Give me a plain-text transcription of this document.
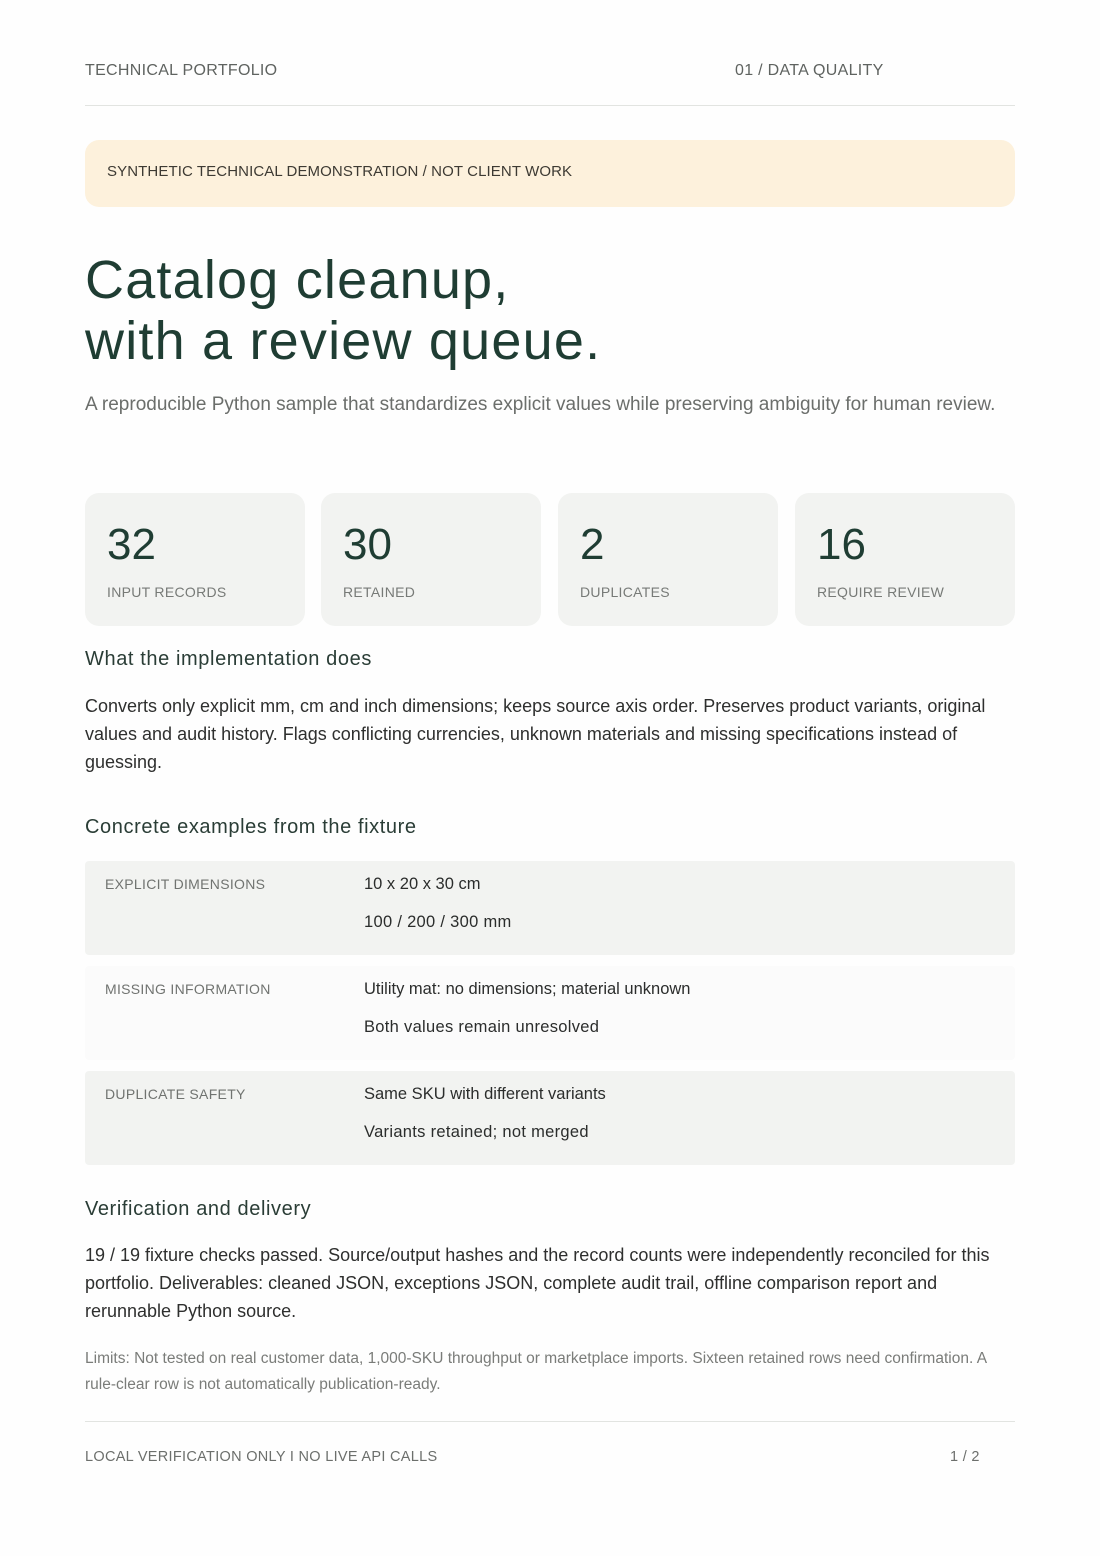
TECHNICAL PORTFOLIO	01 / DATA QUALITY
SYNTHETIC TECHNICAL DEMONSTRATION / NOT CLIENT WORK
Catalog cleanup,
with a review queue.

A reproducible Python sample that standardizes explicit values while preserving ambiguity for human review.

32
INPUT RECORDS
30
RETAINED
2
DUPLICATES
16
REQUIRE REVIEW
What the implementation does

Converts only explicit mm, cm and inch dimensions; keeps source axis order. Preserves product variants, original values and audit history. Flags conflicting currencies, unknown materials and missing specifications instead of guessing.

Concrete examples from the fixture
EXPLICIT DIMENSIONS	10 x 20 x 30 cm
100 / 200 / 300 mm
MISSING INFORMATION	Utility mat: no dimensions; material unknown
Both values remain unresolved
DUPLICATE SAFETY	Same SKU with different variants
Variants retained; not merged
Verification and delivery

19 / 19 fixture checks passed. Source/output hashes and the record counts were independently reconciled for this portfolio. Deliverables: cleaned JSON, exceptions JSON, complete audit trail, offline comparison report and rerunnable Python source.

Limits: Not tested on real customer data, 1,000-SKU throughput or marketplace imports. Sixteen retained rows need confirmation. A rule-clear row is not automatically publication-ready.

LOCAL VERIFICATION ONLY I NO LIVE API CALLS	1 / 2
